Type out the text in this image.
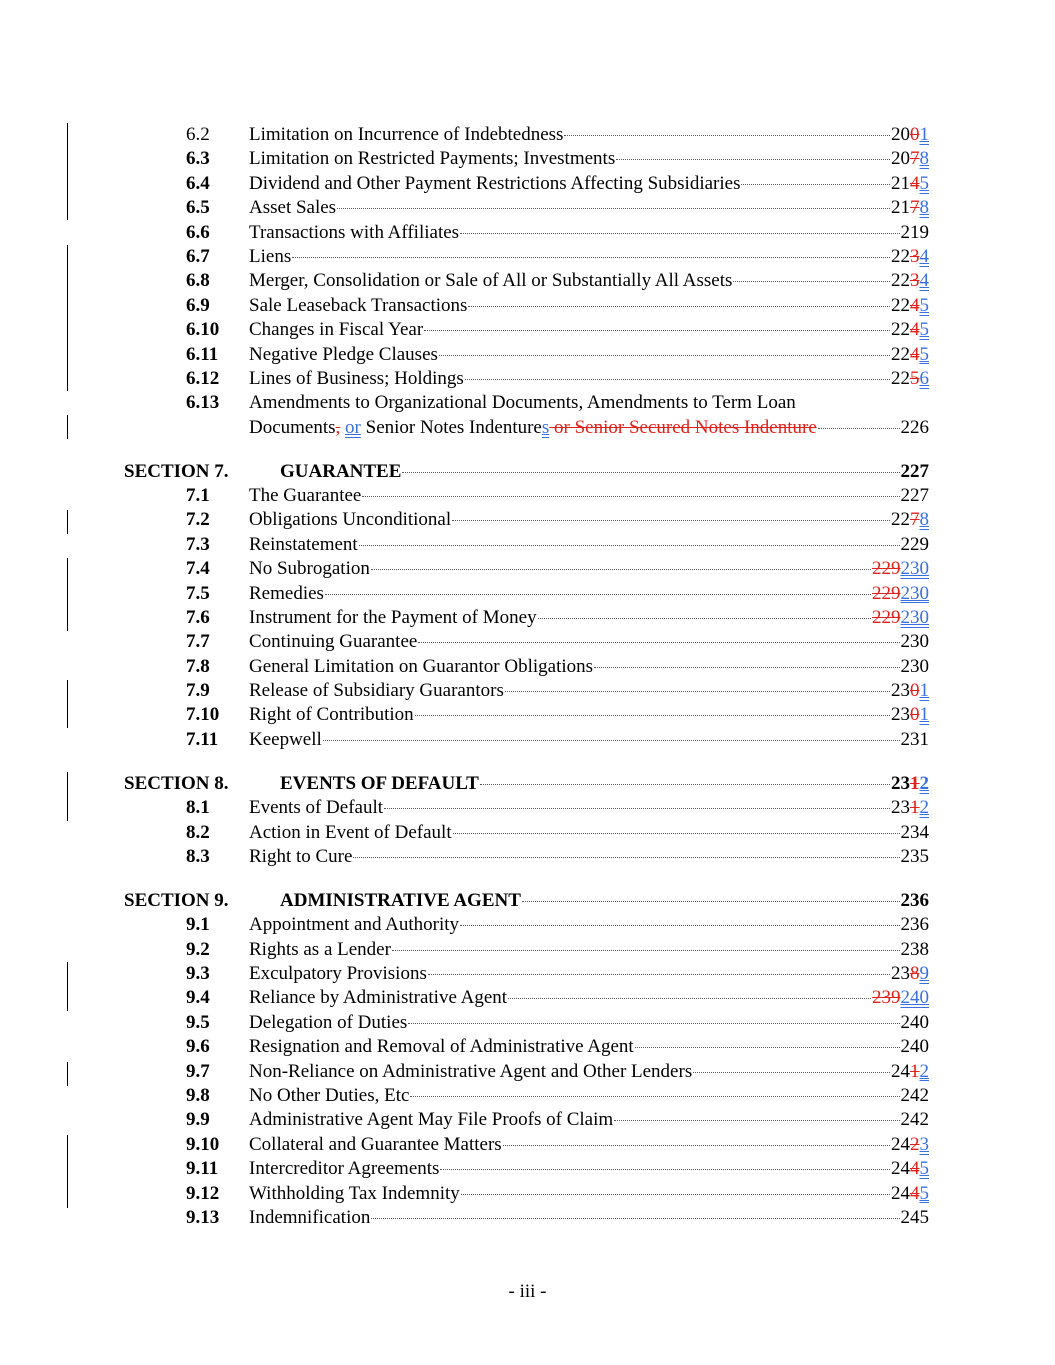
6.2 Limitation on Incurrence of Indebtedness	2001
6.3 Limitation on Restricted Payments; Investments	2078
6.4 Dividend and Other Payment Restrictions Affecting Subsidiaries	2145
6.5 Asset Sales	2178
6.6 Transactions with Affiliates	219
6.7 Liens	2234
6.8 Merger, Consolidation or Sale of All or Substantially All Assets	2234
6.9 Sale Leaseback Transactions	2245
6.10 Changes in Fiscal Year	2245
6.11 Negative Pledge Clauses	2245
6.12 Lines of Business; Holdings	2256
6.13 Amendments to Organizational Documents, Amendments to Term Loan
Documents, or Senior Notes Indentures or Senior Secured Notes Indenture	226
SECTION 7.	GUARANTEE	227
7.1 The Guarantee	227
7.2 Obligations Unconditional	2278
7.3 Reinstatement	229
7.4 No Subrogation	229230
7.5 Remedies	229230
7.6 Instrument for the Payment of Money	229230
7.7 Continuing Guarantee	230
7.8 General Limitation on Guarantor Obligations	230
7.9 Release of Subsidiary Guarantors	2301
7.10 Right of Contribution	2301
7.11 Keepwell	231
SECTION 8.	EVENTS OF DEFAULT	2312
8.1 Events of Default	2312
8.2 Action in Event of Default	234
8.3 Right to Cure	235
SECTION 9.	ADMINISTRATIVE AGENT	236
9.1 Appointment and Authority	236
9.2 Rights as a Lender	238
9.3 Exculpatory Provisions	2389
9.4 Reliance by Administrative Agent	239240
9.5 Delegation of Duties	240
9.6 Resignation and Removal of Administrative Agent	240
9.7 Non-Reliance on Administrative Agent and Other Lenders	2412
9.8 No Other Duties, Etc	242
9.9 Administrative Agent May File Proofs of Claim	242
9.10 Collateral and Guarantee Matters	2423
9.11 Intercreditor Agreements	2445
9.12 Withholding Tax Indemnity	2445
9.13 Indemnification	245
- iii -
